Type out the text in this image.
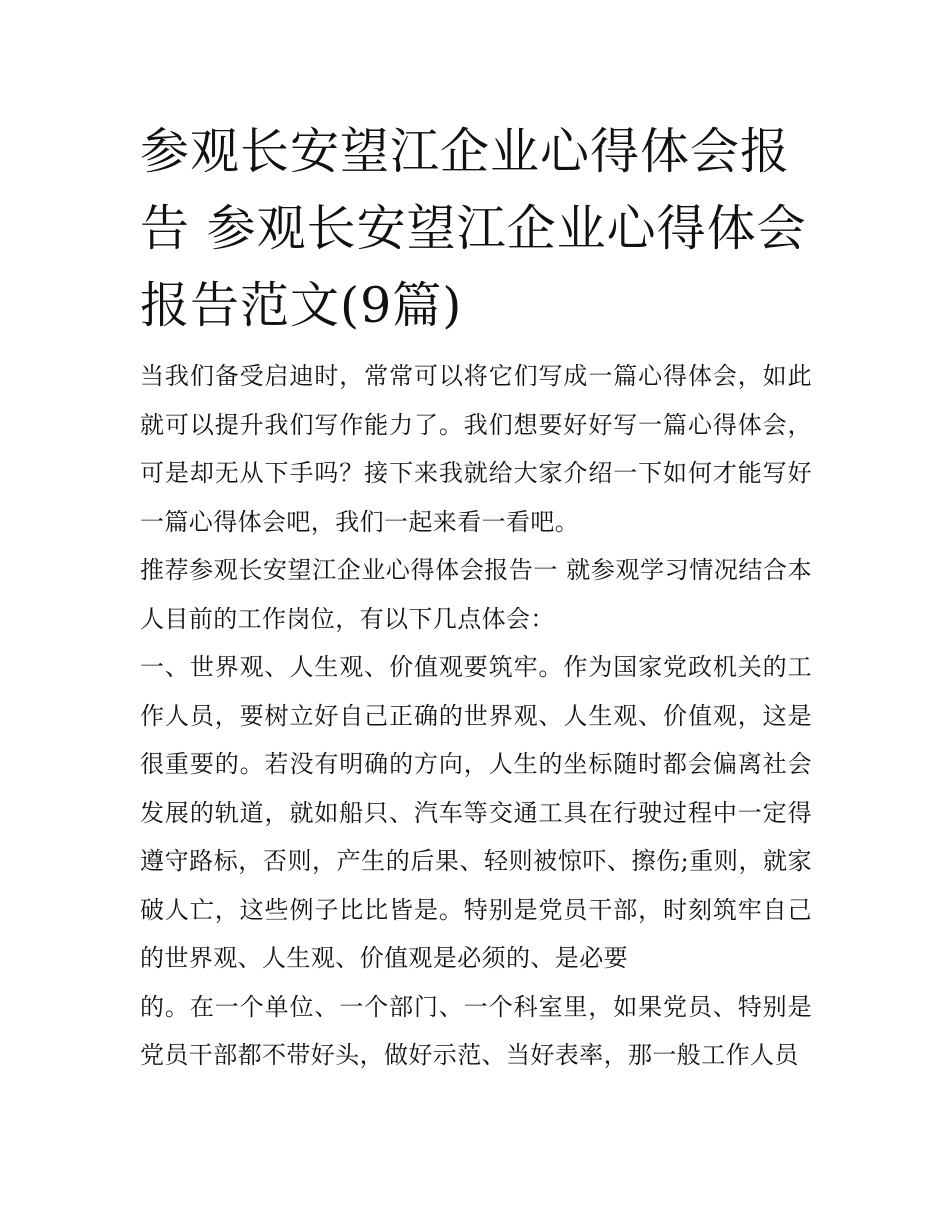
参观长安望江企业心得体会报告 参观长安望江企业心得体会报告范文(9篇)

当我们备受启迪时，常常可以将它们写成一篇心得体会，如此就可以提升我们写作能力了。我们想要好好写一篇心得体会，可是却无从下手吗？接下来我就给大家介绍一下如何才能写好一篇心得体会吧，我们一起来看一看吧。

推荐参观长安望江企业心得体会报告一 就参观学习情况结合本人目前的工作岗位，有以下几点体会：

一、世界观、人生观、价值观要筑牢。作为国家党政机关的工作人员，要树立好自己正确的世界观、人生观、价值观，这是很重要的。若没有明确的方向，人生的坐标随时都会偏离社会发展的轨道，就如船只、汽车等交通工具在行驶过程中一定得遵守路标，否则，产生的后果、轻则被惊吓、擦伤;重则，就家破人亡，这些例子比比皆是。特别是党员干部，时刻筑牢自己的世界观、人生观、价值观是必须的、是必要

的。在一个单位、一个部门、一个科室里，如果党员、特别是党员干部都不带好头，做好示范、当好表率，那一般工作人员
